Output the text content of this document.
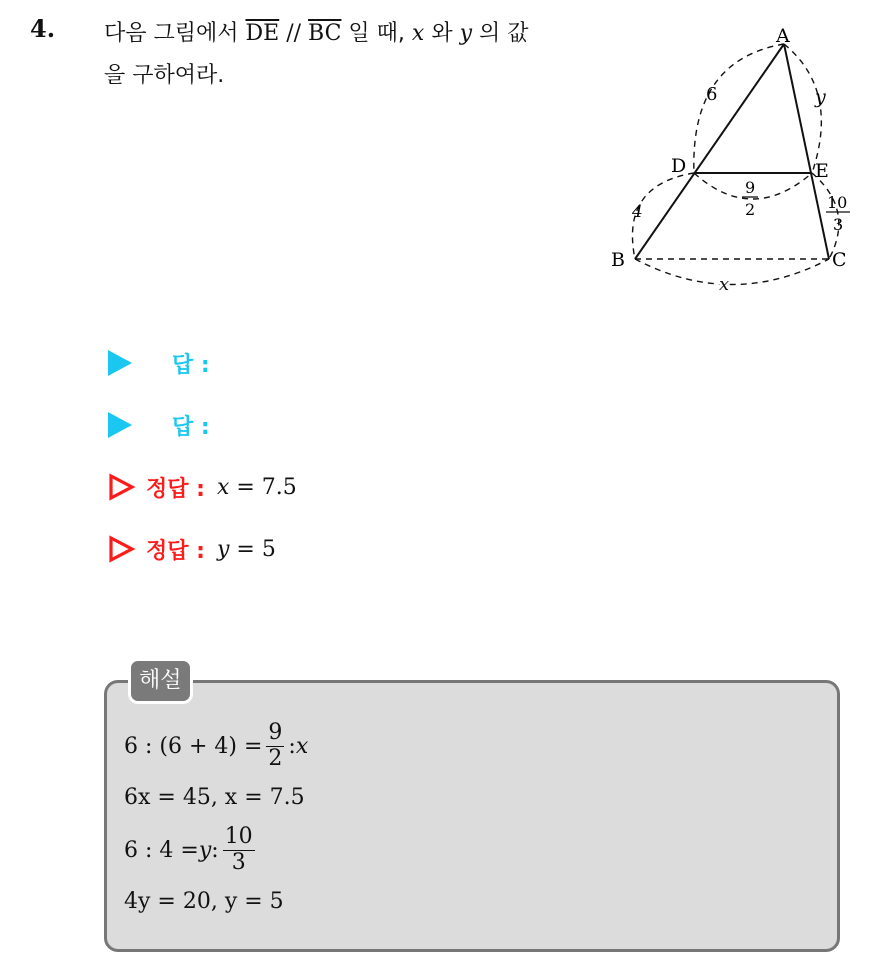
4. 다음 그림에서 $\overline{DE} // \overline{BC}$ 일 때, x 와 y 의 값
을 구하여라.
A
B	C
D	E
6
4
y
9
2	10
3
x
답 :
답 :
정답 : x = 7.5
정답 : y = 5
해설
6 : $(6 + 4) = \frac{9}{2}$ : x
6x = 45, x = 7.5
6 : 4 = y : $\frac{10}{3}$
4y = 20, y = 5
